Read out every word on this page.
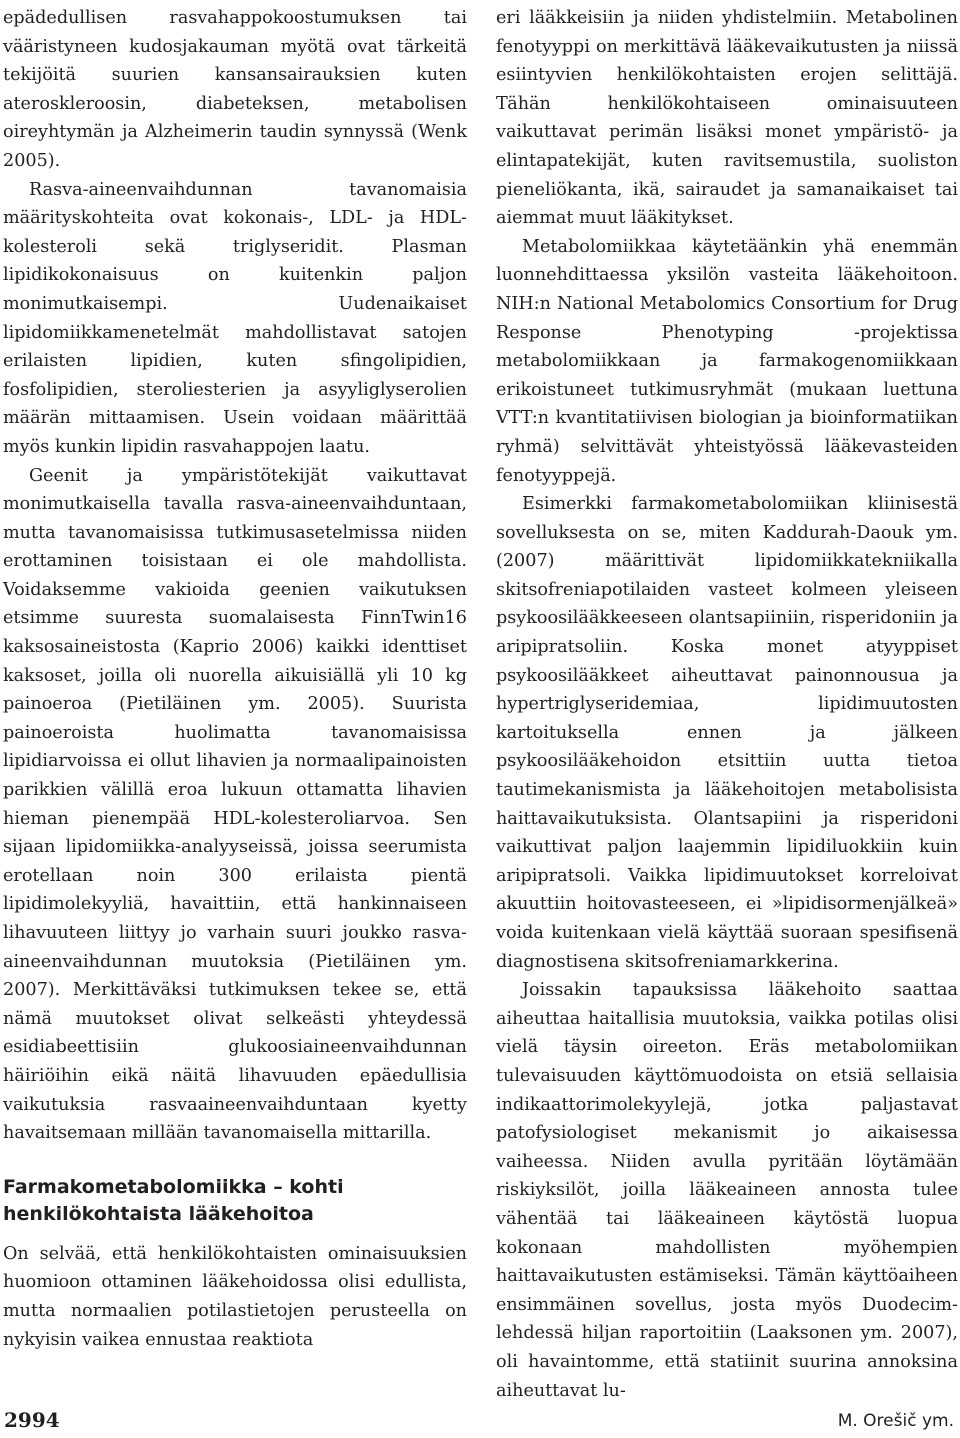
epädedullisen rasvahappokoostumuksen tai vääristyneen kudosjakauman myötä ovat tärkeitä tekijöitä suurien kansansairauksien kuten ateroskleroosin, diabeteksen, metabolisen oireyhtymän ja Alzheimerin taudin synnyssä (Wenk 2005).

Rasva-aineenvaihdunnan tavanomaisia määrityskohteita ovat kokonais-, LDL- ja HDL-kolesteroli sekä triglyseridit. Plasman lipidikokonaisuus on kuitenkin paljon monimutkaisempi. Uudenaikaiset lipidomiikkamenetelmät mahdollistavat satojen erilaisten lipidien, kuten sfingolipidien, fosfolipidien, steroliesterien ja asyyliglyserolien määrän mittaamisen. Usein voidaan määrittää myös kunkin lipidin rasvahappojen laatu.

Geenit ja ympäristötekijät vaikuttavat monimutkaisella tavalla rasva-aineenvaihduntaan, mutta tavanomaisissa tutkimusasetelmissa niiden erottaminen toisistaan ei ole mahdollista. Voidaksemme vakioida geenien vaikutuksen etsimme suuresta suomalaisesta FinnTwin16 kaksosaineistosta (Kaprio 2006) kaikki identtiset kaksoset, joilla oli nuorella aikuisiällä yli 10 kg painoeroa (Pietiläinen ym. 2005). Suurista painoeroista huolimatta tavanomaisissa lipidiarvoissa ei ollut lihavien ja normaalipainoisten parikkien välillä eroa lukuun ottamatta lihavien hieman pienempää HDL-kolesteroliarvoa. Sen sijaan lipidomiikka-analyyseissä, joissa seerumista erotellaan noin 300 erilaista pientä lipidimolekyyliä, havaittiin, että hankinnaiseen lihavuuteen liittyy jo varhain suuri joukko rasva-aineenvaihdunnan muutoksia (Pietiläinen ym. 2007). Merkittäväksi tutkimuksen tekee se, että nämä muutokset olivat selkeästi yhteydessä esidiabeettisiin glukoosiaineenvaihdunnan häiriöihin eikä näitä lihavuuden epäedullisia vaikutuksia rasvaaineenvaihduntaan kyetty havaitsemaan millään tavanomaisella mittarilla.

Farmakometabolomiikka – kohti
henkilökohtaista lääkehoitoa

On selvää, että henkilökohtaisten ominaisuuksien huomioon ottaminen lääkehoidossa olisi edullista, mutta normaalien potilastietojen perusteella on nykyisin vaikea ennustaa reaktiota

eri lääkkeisiin ja niiden yhdistelmiin. Metabolinen fenotyyppi on merkittävä lääkevaikutusten ja niissä esiintyvien henkilökohtaisten erojen selittäjä. Tähän henkilökohtaiseen ominaisuuteen vaikuttavat perimän lisäksi monet ympäristö- ja elintapatekijät, kuten ravitsemustila, suoliston pieneliökanta, ikä, sairaudet ja samanaikaiset tai aiemmat muut lääkitykset.

Metabolomiikkaa käytetäänkin yhä enemmän luonnehdittaessa yksilön vasteita lääkehoitoon. NIH:n National Metabolomics Consortium for Drug Response Phenotyping -projektissa metabolomiikkaan ja farmakogenomiikkaan erikoistuneet tutkimusryhmät (mukaan luettuna VTT:n kvantitatiivisen biologian ja bioinformatiikan ryhmä) selvittävät yhteistyössä lääkevasteiden fenotyyppejä.

Esimerkki farmakometabolomiikan kliinisestä sovelluksesta on se, miten Kaddurah-Daouk ym. (2007) määrittivät lipidomiikkatekniikalla skitsofreniapotilaiden vasteet kolmeen yleiseen psykoosilääkkeeseen olantsapiiniin, risperidoniin ja aripipratsoliin. Koska monet atyyppiset psykoosilääkkeet aiheuttavat painonnousua ja hypertriglyseridemiaa, lipidimuutosten kartoituksella ennen ja jälkeen psykoosilääkehoidon etsittiin uutta tietoa tautimekanismista ja lääkehoitojen metabolisista haittavaikutuksista. Olantsapiini ja risperidoni vaikuttivat paljon laajemmin lipidiluokkiin kuin aripipratsoli. Vaikka lipidimuutokset korreloivat akuuttiin hoitovasteeseen, ei »lipidisormenjälkeä» voida kuitenkaan vielä käyttää suoraan spesifisenä diagnostisena skitsofreniamarkkerina.

Joissakin tapauksissa lääkehoito saattaa aiheuttaa haitallisia muutoksia, vaikka potilas olisi vielä täysin oireeton. Eräs metabolomiikan tulevaisuuden käyttömuodoista on etsiä sellaisia indikaattorimolekyylejä, jotka paljastavat patofysiologiset mekanismit jo aikaisessa vaiheessa. Niiden avulla pyritään löytämään riskiyksilöt, joilla lääkeaineen annosta tulee vähentää tai lääkeaineen käytöstä luopua kokonaan mahdollisten myöhempien haittavaikutusten estämiseksi. Tämän käyttöaiheen ensimmäinen sovellus, josta myös Duodecim-lehdessä hiljan raportoitiin (Laaksonen ym. 2007), oli havaintomme, että statiinit suurina annoksina aiheuttavat lu-

2994	M. Orešič ym.
